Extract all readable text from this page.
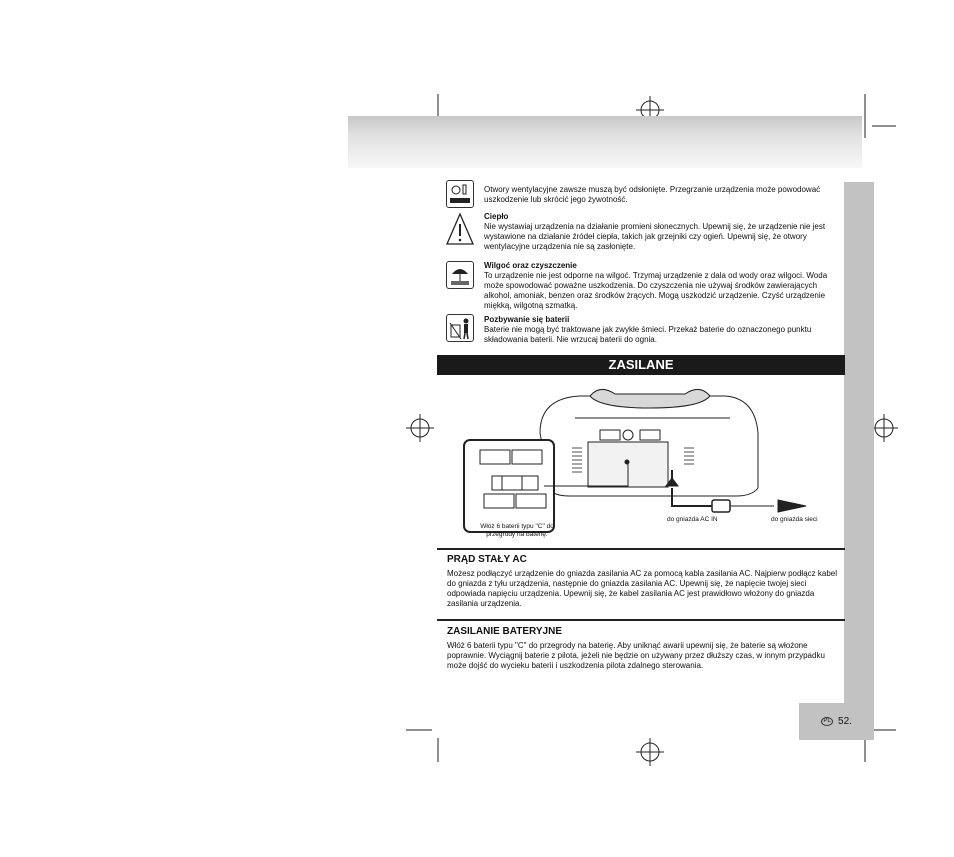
PL 52.
Otwory wentylacyjne zawsze muszą być odsłonięte. Przegrzanie urządzenia może powodować uszkodzenie lub skrócić jego żywotność.
Ciepło
Nie wystawiaj urządzenia na działanie promieni słonecznych. Upewnij się, że urządzenie nie jest wystawione na działanie źródeł ciepła, takich jak grzejniki czy ogień. Upewnij się, że otwory wentylacyjne urządzenia nie są zasłonięte.
Wilgoć oraz czyszczenie
To urządzenie nie jest odporne na wilgoć. Trzymaj urządzenie z dala od wody oraz wilgoci. Woda może spowodować poważne uszkodzenia. Do czyszczenia nie używaj środków zawierających alkohol, amoniak, benzen oraz środków żrących. Mogą uszkodzić urządzenie. Czyść urządzenie miękką, wilgotną szmatką.
Pozbywanie się baterii
Baterie nie mogą być traktowane jak zwykłe śmieci. Przekaż baterie do oznaczonego punktu składowania baterii. Nie wrzucaj baterii do ognia.
ZASILANE
Włóż 6 baterii typu "C" do przegrody na baterię.
do gniazda AC IN	do gniazda sieci
PRĄD STAŁY AC
Możesz podłączyć urządzenie do gniazda zasilania AC za pomocą kabla zasilania AC. Najpierw podłącz kabel do gniazda z tyłu urządzenia, następnie do gniazda zasilania AC. Upewnij się, że napięcie twojej sieci odpowiada napięciu urządzenia. Upewnij się, że kabel zasilania AC jest prawidłowo włożony do gniazda zasilania urządzenia.
ZASILANIE BATERYJNE
Włóż 6 baterii typu "C" do przegrody na baterię. Aby uniknąć awarii upewnij się, że baterie są włożone poprawnie. Wyciągnij baterie z pilota, jeżeli nie będzie on używany przez dłuższy czas, w innym przypadku może dojść do wycieku baterii i uszkodzenia pilota zdalnego sterowania.
